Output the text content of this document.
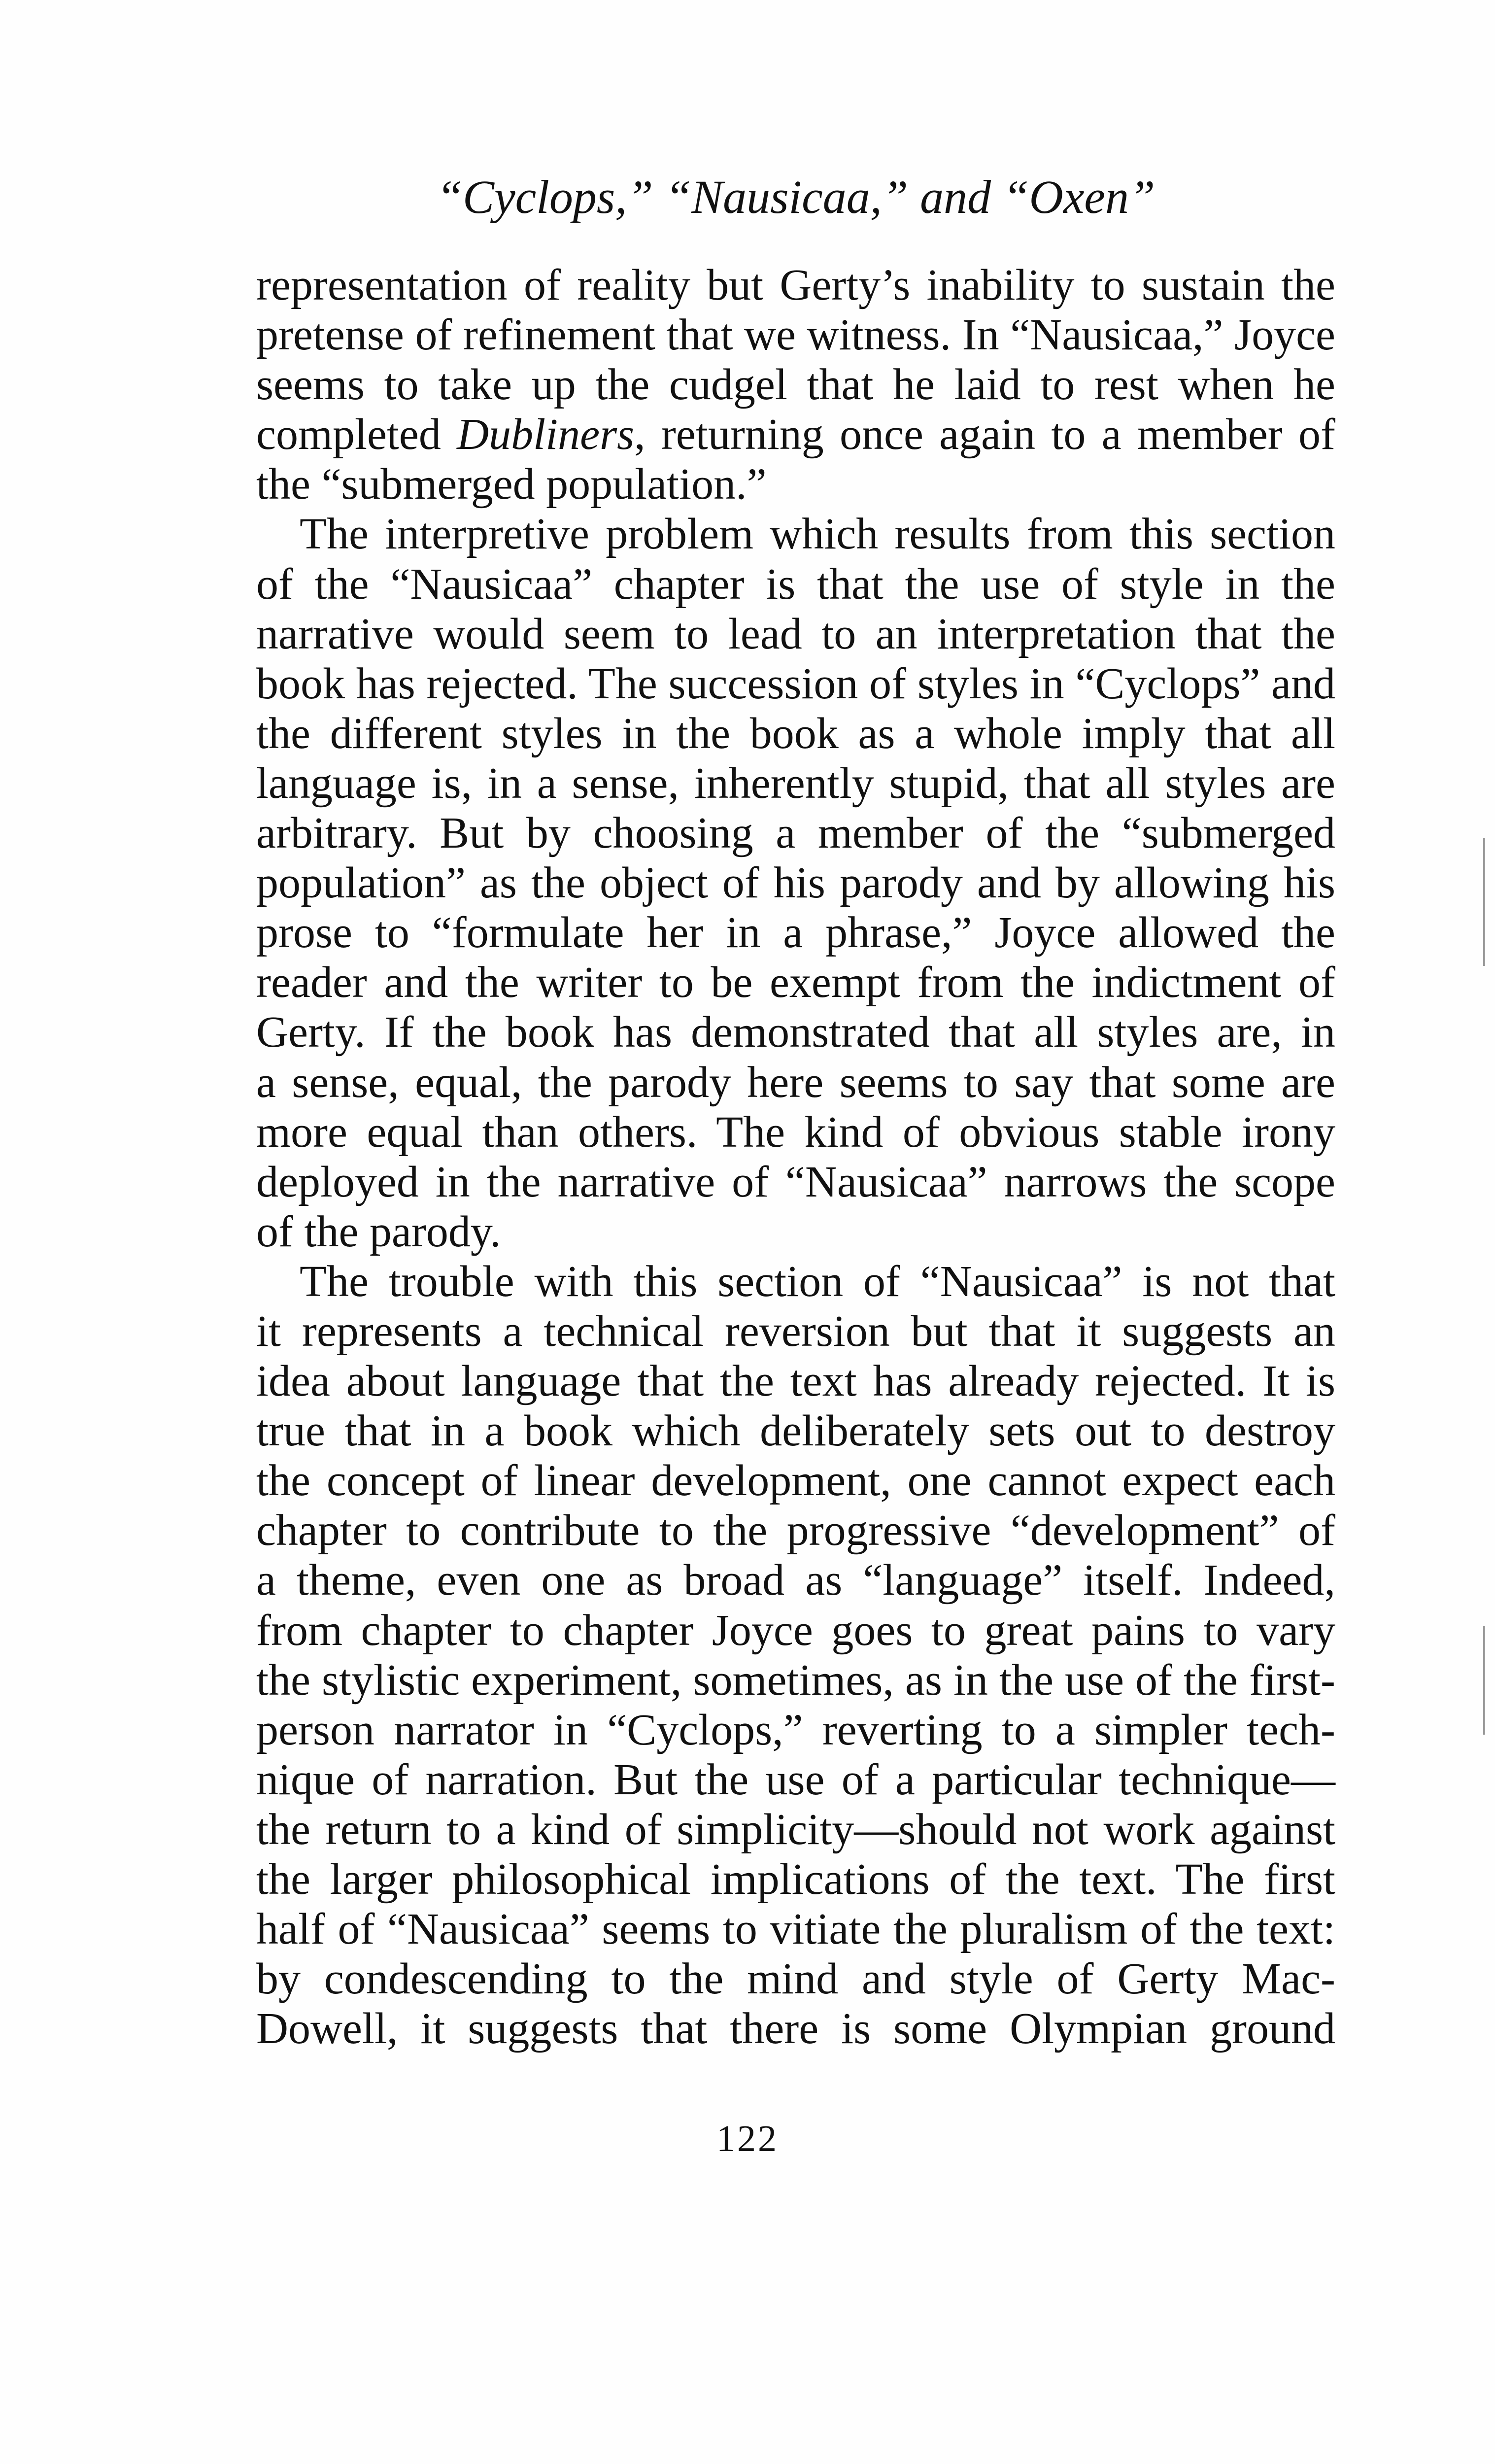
“Cyclops,” “Nausicaa,” and “Oxen”
representation of reality but Gerty’s inability to sustain the
pretense of refinement that we witness. In “Nausicaa,” Joyce
seems to take up the cudgel that he laid to rest when he
completed Dubliners, returning once again to a member of
the “submerged population.”
The interpretive problem which results from this section
of the “Nausicaa” chapter is that the use of style in the
narrative would seem to lead to an interpretation that the
book has rejected. The succession of styles in “Cyclops” and
the different styles in the book as a whole imply that all
language is, in a sense, inherently stupid, that all styles are
arbitrary. But by choosing a member of the “submerged
population” as the object of his parody and by allowing his
prose to “formulate her in a phrase,” Joyce allowed the
reader and the writer to be exempt from the indictment of
Gerty. If the book has demonstrated that all styles are, in
a sense, equal, the parody here seems to say that some are
more equal than others. The kind of obvious stable irony
deployed in the narrative of “Nausicaa” narrows the scope
of the parody.
The trouble with this section of “Nausicaa” is not that
it represents a technical reversion but that it suggests an
idea about language that the text has already rejected. It is
true that in a book which deliberately sets out to destroy
the concept of linear development, one cannot expect each
chapter to contribute to the progressive “development” of
a theme, even one as broad as “language” itself. Indeed,
from chapter to chapter Joyce goes to great pains to vary
the stylistic experiment, sometimes, as in the use of the first-
person narrator in “Cyclops,” reverting to a simpler tech-
nique of narration. But the use of a particular technique—
the return to a kind of simplicity—should not work against
the larger philosophical implications of the text. The first
half of “Nausicaa” seems to vitiate the pluralism of the text:
by condescending to the mind and style of Gerty Mac-
Dowell, it suggests that there is some Olympian ground
122
